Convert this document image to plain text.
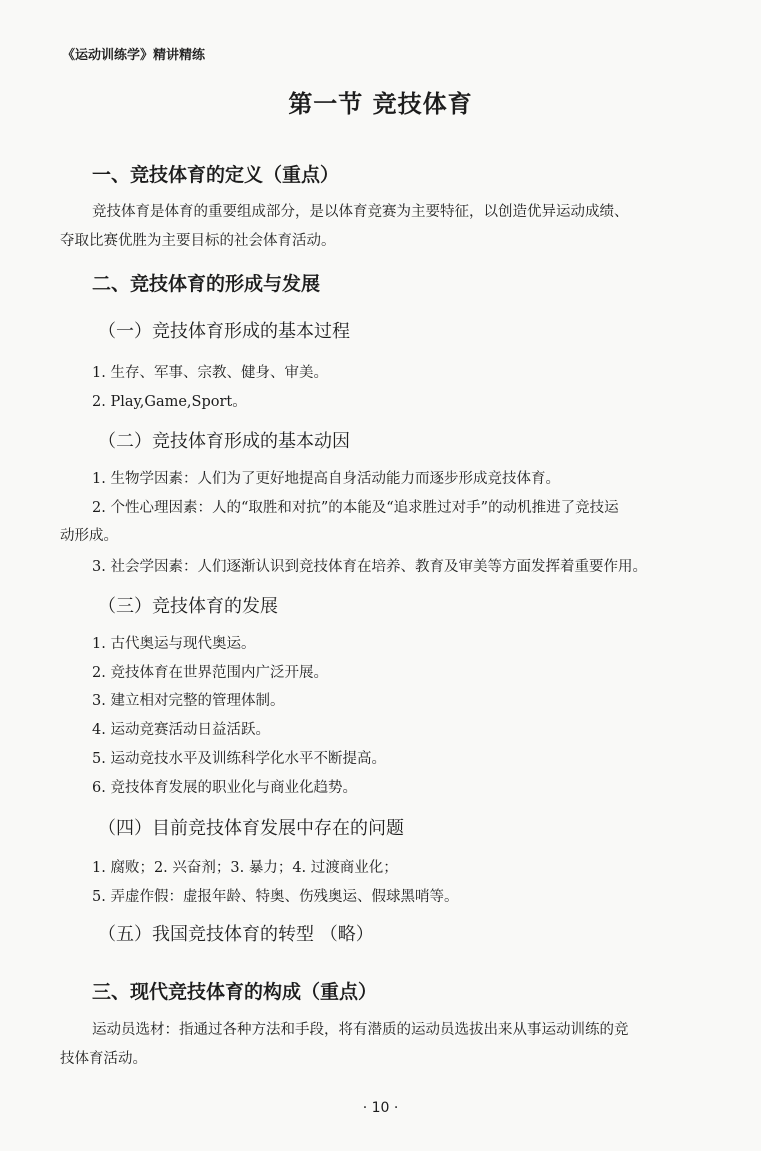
《运动训练学》精讲精练
第一节 竞技体育
一、竞技体育的定义（重点）
竞技体育是体育的重要组成部分，是以体育竞赛为主要特征，以创造优异运动成绩、
夺取比赛优胜为主要目标的社会体育活动。
二、竞技体育的形成与发展
（一）竞技体育形成的基本过程
1. 生存、军事、宗教、健身、审美。
2. Play,Game,Sport。
（二）竞技体育形成的基本动因
1. 生物学因素：人们为了更好地提高自身活动能力而逐步形成竞技体育。
2. 个性心理因素：人的“取胜和对抗”的本能及“追求胜过对手”的动机推进了竞技运
动形成。
3. 社会学因素：人们逐渐认识到竞技体育在培养、教育及审美等方面发挥着重要作用。
（三）竞技体育的发展
1. 古代奥运与现代奥运。
2. 竞技体育在世界范围内广泛开展。
3. 建立相对完整的管理体制。
4. 运动竞赛活动日益活跃。
5. 运动竞技水平及训练科学化水平不断提高。
6. 竞技体育发展的职业化与商业化趋势。
（四）目前竞技体育发展中存在的问题
1. 腐败；2. 兴奋剂；3. 暴力；4. 过渡商业化；
5. 弄虚作假：虚报年龄、特奥、伤残奥运、假球黑哨等。
（五）我国竞技体育的转型 （略）
三、现代竞技体育的构成（重点）
运动员选材：指通过各种方法和手段，将有潜质的运动员选拔出来从事运动训练的竞
技体育活动。
· 10 ·
